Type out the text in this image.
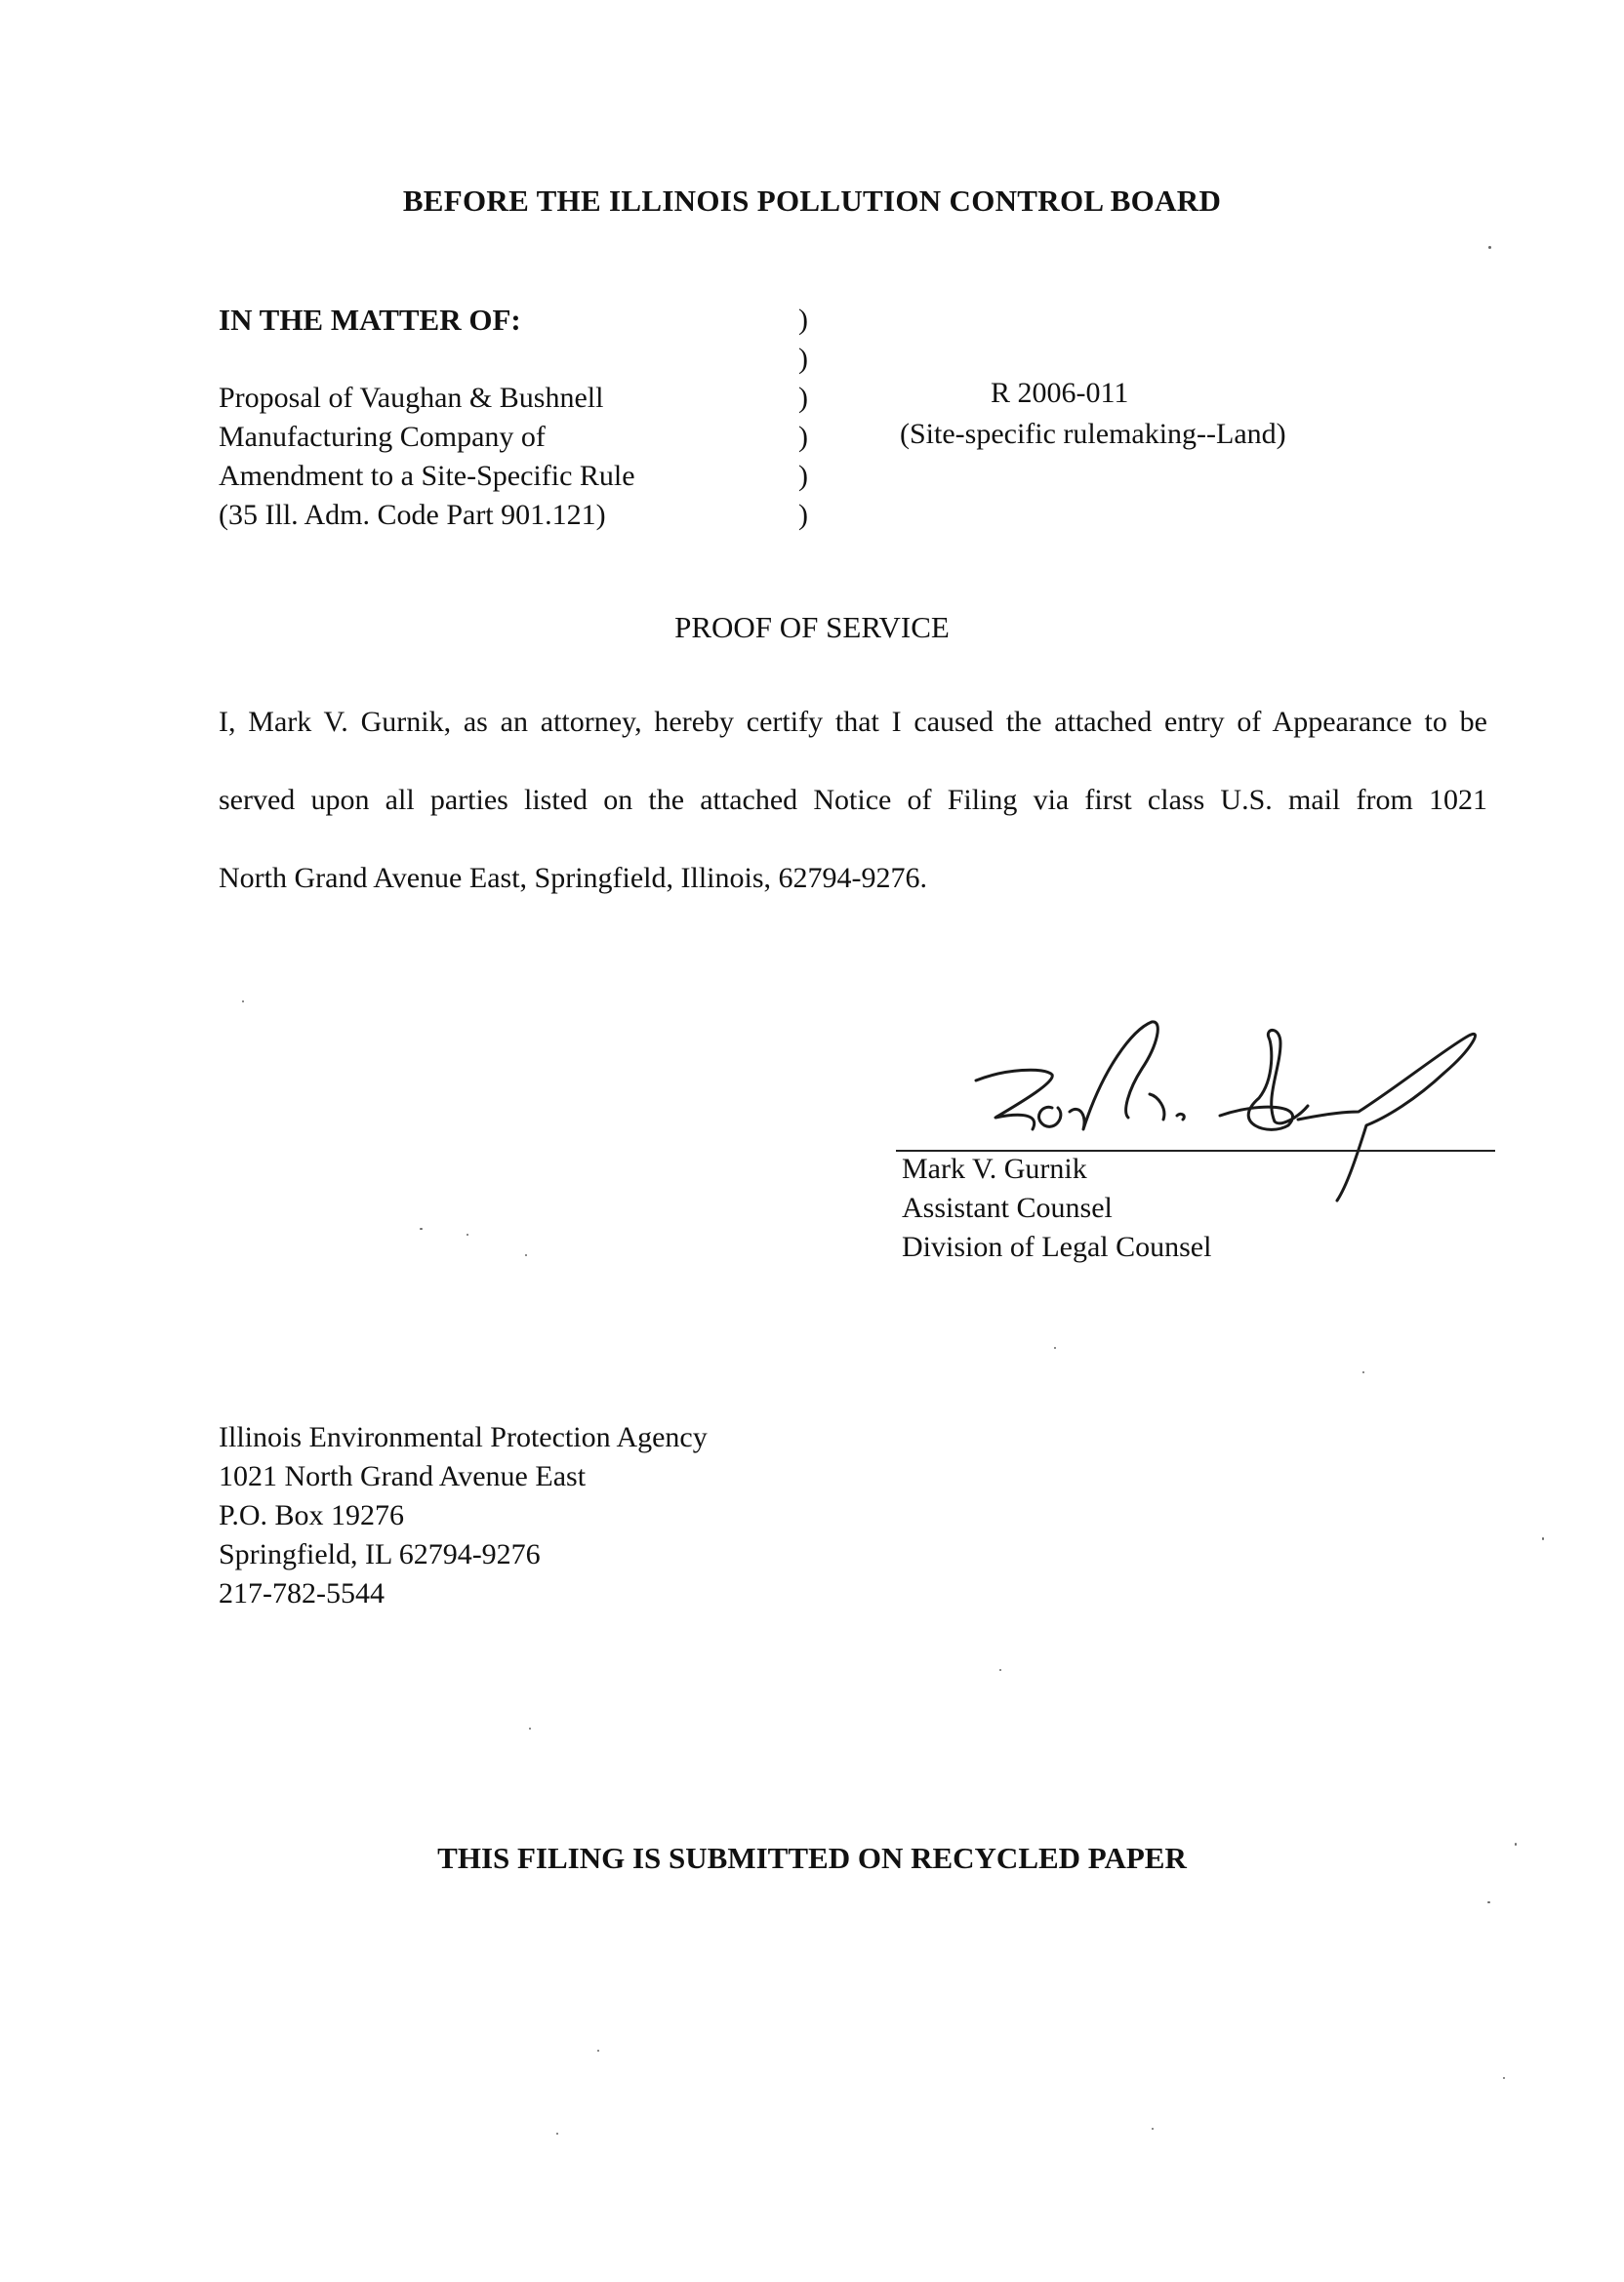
BEFORE THE ILLINOIS POLLUTION CONTROL BOARD
IN THE MATTER OF:
Proposal of Vaughan & Bushnell
Manufacturing Company of
Amendment to a Site-Specific Rule
(35 Ill. Adm. Code Part 901.121)
)
)
)
)
)
)
R 2006-011
(Site-specific rulemaking--Land)
PROOF OF SERVICE
I, Mark V. Gurnik, as an attorney, hereby certify that I caused the attached entry of Appearance to be
served upon all parties listed on the attached Notice of Filing via first class U.S. mail from 1021
North Grand Avenue East, Springfield, Illinois, 62794-9276.
Mark V. Gurnik
Assistant Counsel
Division of Legal Counsel
Illinois Environmental Protection Agency
1021 North Grand Avenue East
P.O. Box 19276
Springfield, IL 62794-9276
217-782-5544
THIS FILING IS SUBMITTED ON RECYCLED PAPER
